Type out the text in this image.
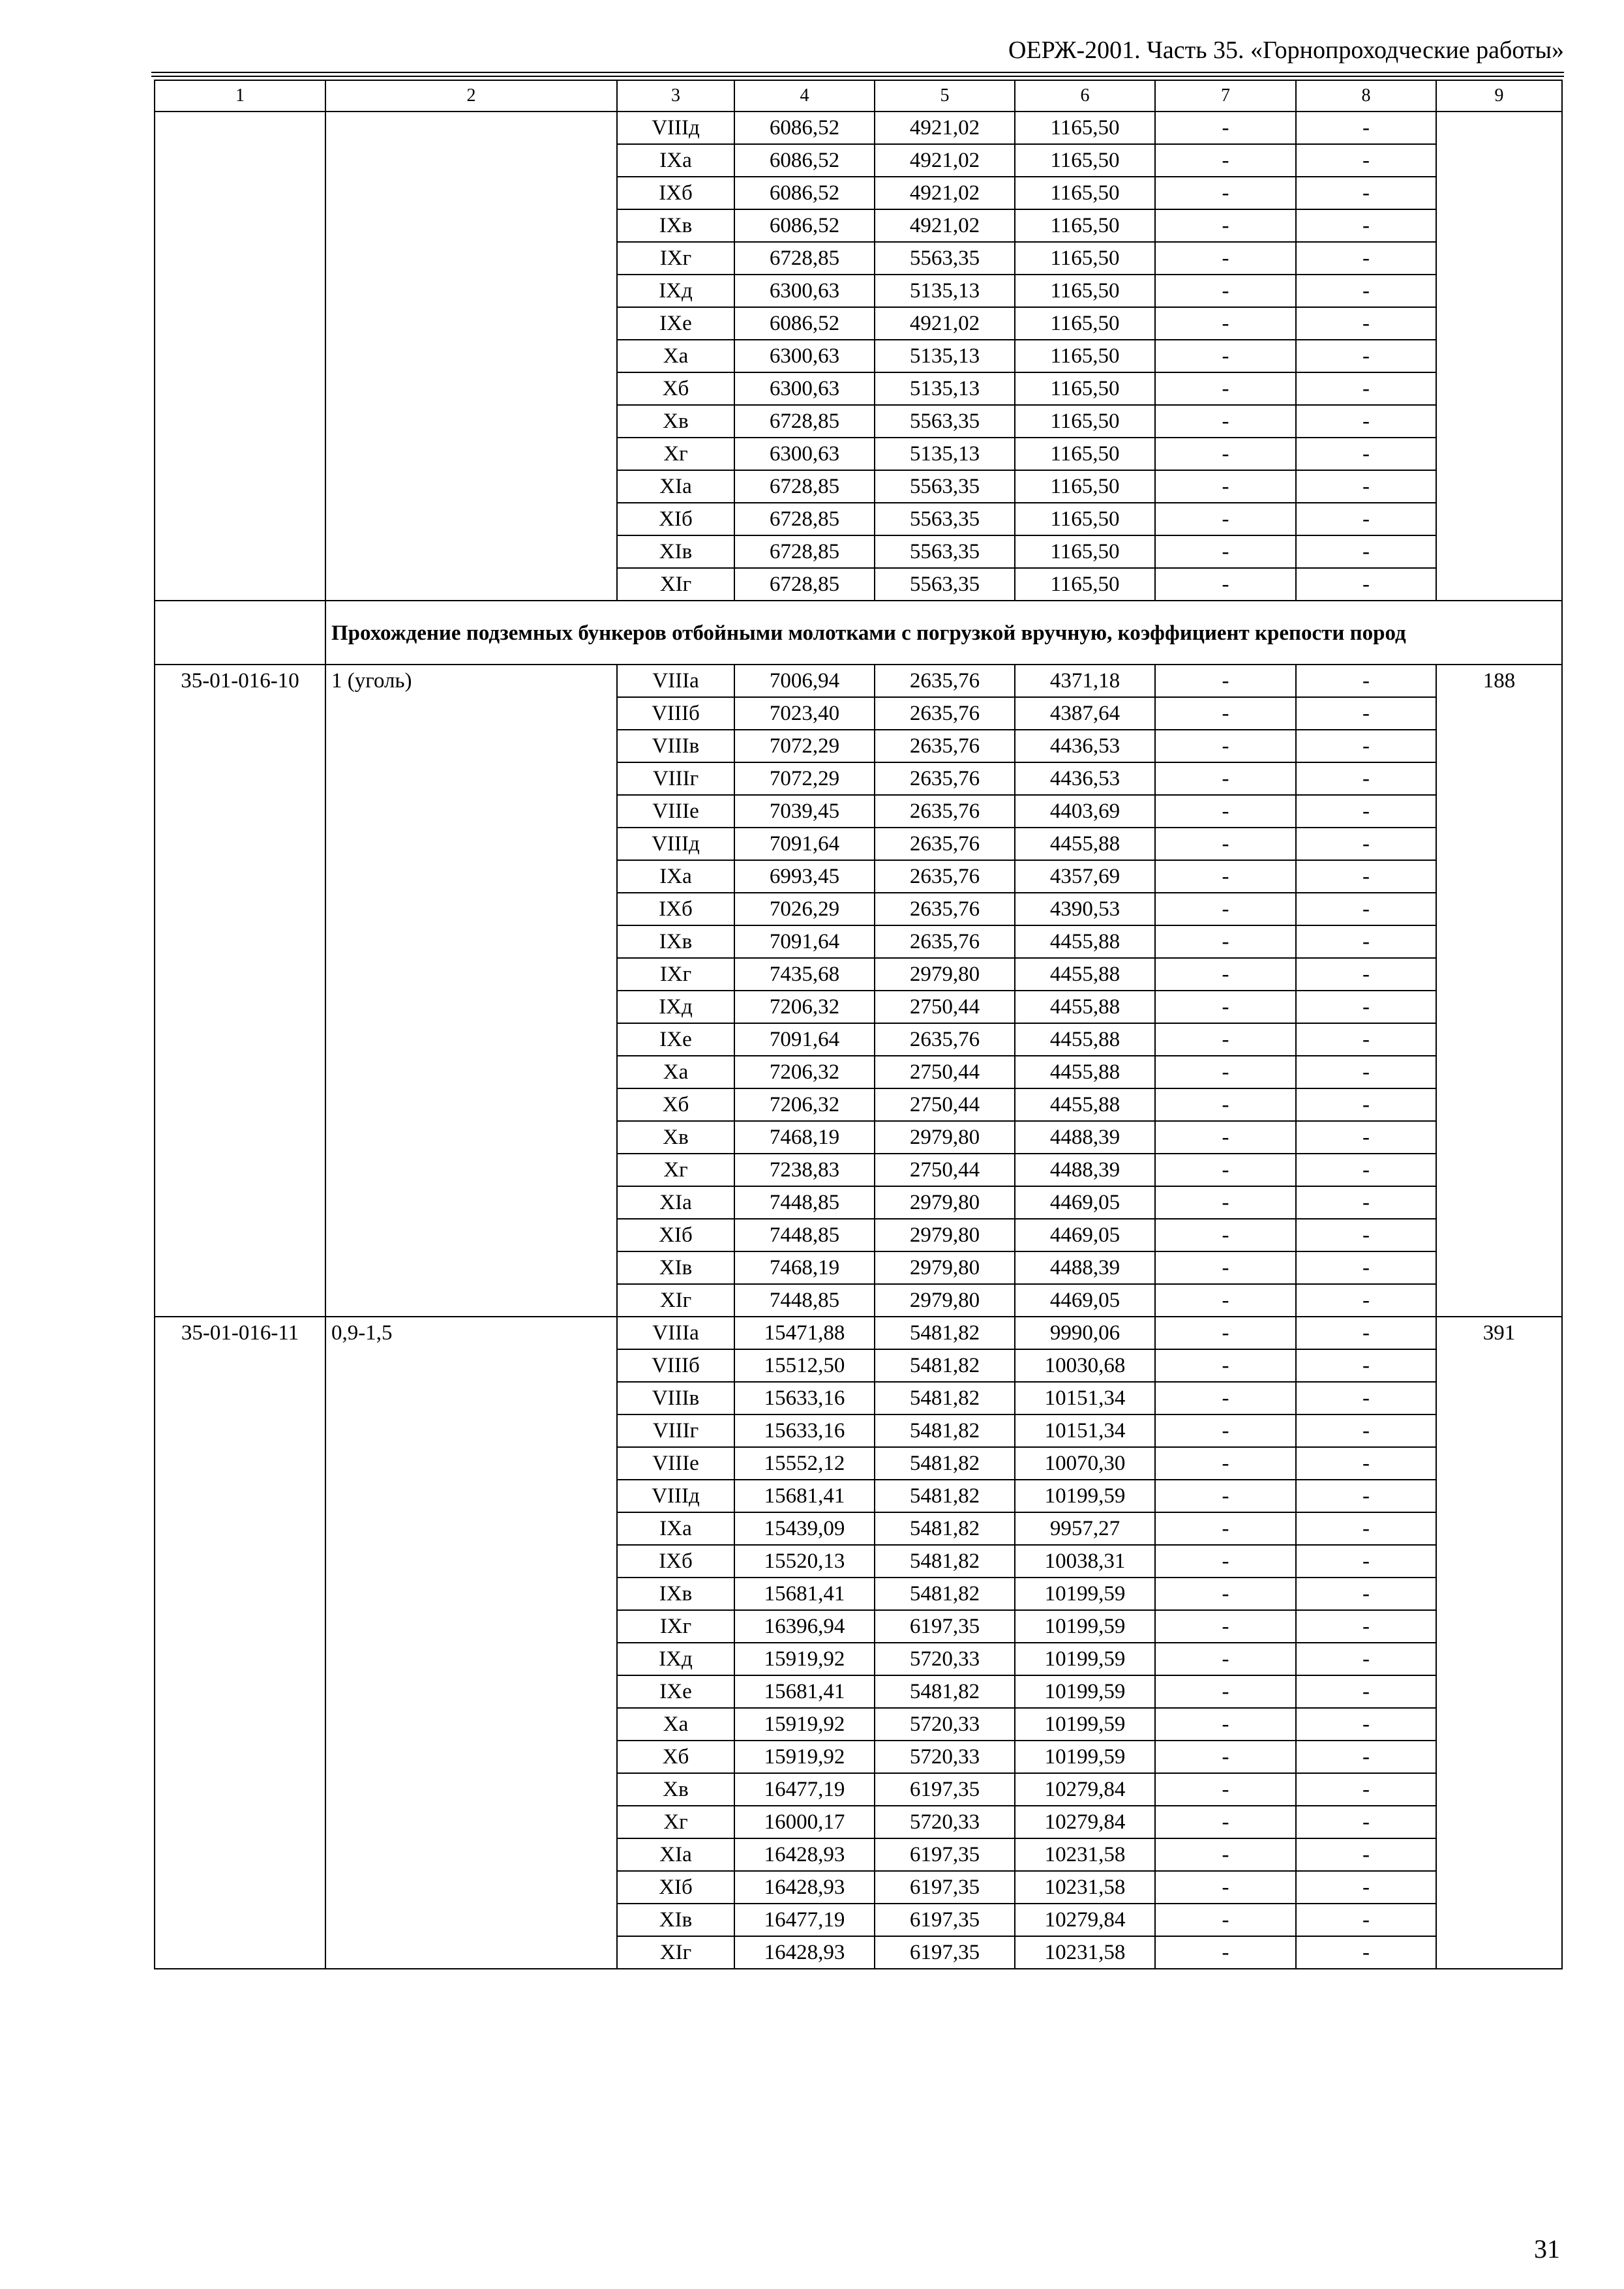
ОЕРЖ-2001. Часть 35. «Горнопроходческие работы»
1	2	3	4	5	6	7	8	9
		VIIIд	6086,52	4921,02	1165,50	-	-	
		IXа	6086,52	4921,02	1165,50	-	-	
		IXб	6086,52	4921,02	1165,50	-	-	
		IXв	6086,52	4921,02	1165,50	-	-	
		IXг	6728,85	5563,35	1165,50	-	-	
		IXд	6300,63	5135,13	1165,50	-	-	
		IXе	6086,52	4921,02	1165,50	-	-	
		Xа	6300,63	5135,13	1165,50	-	-	
		Xб	6300,63	5135,13	1165,50	-	-	
		Xв	6728,85	5563,35	1165,50	-	-	
		Xг	6300,63	5135,13	1165,50	-	-	
		XIа	6728,85	5563,35	1165,50	-	-	
		XIб	6728,85	5563,35	1165,50	-	-	
		XIв	6728,85	5563,35	1165,50	-	-	
		XIг	6728,85	5563,35	1165,50	-	-	
	Прохождение подземных бункеров отбойными молотками с погрузкой вручную, коэффициент крепости пород							
35-01-016-10	1 (уголь)	VIIIа	7006,94	2635,76	4371,18	-	-	188
		VIIIб	7023,40	2635,76	4387,64	-	-	
		VIIIв	7072,29	2635,76	4436,53	-	-	
		VIIIг	7072,29	2635,76	4436,53	-	-	
		VIIIе	7039,45	2635,76	4403,69	-	-	
		VIIIд	7091,64	2635,76	4455,88	-	-	
		IXа	6993,45	2635,76	4357,69	-	-	
		IXб	7026,29	2635,76	4390,53	-	-	
		IXв	7091,64	2635,76	4455,88	-	-	
		IXг	7435,68	2979,80	4455,88	-	-	
		IXд	7206,32	2750,44	4455,88	-	-	
		IXе	7091,64	2635,76	4455,88	-	-	
		Xа	7206,32	2750,44	4455,88	-	-	
		Xб	7206,32	2750,44	4455,88	-	-	
		Xв	7468,19	2979,80	4488,39	-	-	
		Xг	7238,83	2750,44	4488,39	-	-	
		XIа	7448,85	2979,80	4469,05	-	-	
		XIб	7448,85	2979,80	4469,05	-	-	
		XIв	7468,19	2979,80	4488,39	-	-	
		XIг	7448,85	2979,80	4469,05	-	-	
35-01-016-11	0,9-1,5	VIIIа	15471,88	5481,82	9990,06	-	-	391
		VIIIб	15512,50	5481,82	10030,68	-	-	
		VIIIв	15633,16	5481,82	10151,34	-	-	
		VIIIг	15633,16	5481,82	10151,34	-	-	
		VIIIе	15552,12	5481,82	10070,30	-	-	
		VIIIд	15681,41	5481,82	10199,59	-	-	
		IXа	15439,09	5481,82	9957,27	-	-	
		IXб	15520,13	5481,82	10038,31	-	-	
		IXв	15681,41	5481,82	10199,59	-	-	
		IXг	16396,94	6197,35	10199,59	-	-	
		IXд	15919,92	5720,33	10199,59	-	-	
		IXе	15681,41	5481,82	10199,59	-	-	
		Xа	15919,92	5720,33	10199,59	-	-	
		Xб	15919,92	5720,33	10199,59	-	-	
		Xв	16477,19	6197,35	10279,84	-	-	
		Xг	16000,17	5720,33	10279,84	-	-	
		XIа	16428,93	6197,35	10231,58	-	-	
		XIб	16428,93	6197,35	10231,58	-	-	
		XIв	16477,19	6197,35	10279,84	-	-	
		XIг	16428,93	6197,35	10231,58	-	-	
31
